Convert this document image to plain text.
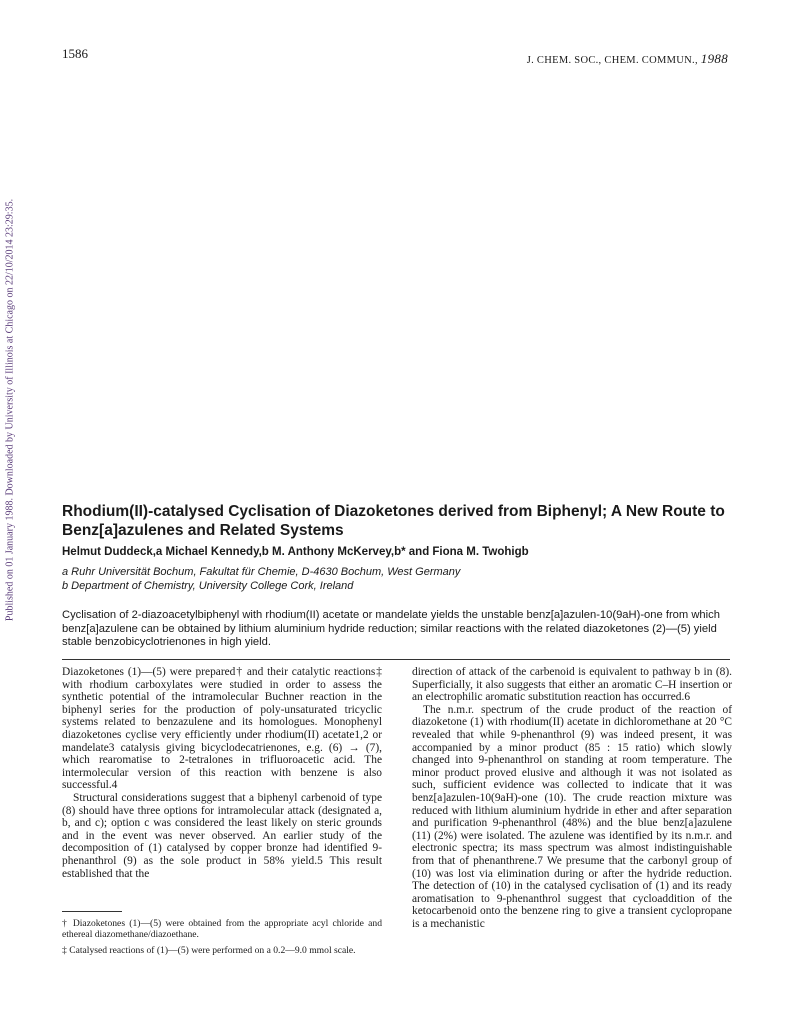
1586	J. CHEM. SOC., CHEM. COMMUN., 1988
Published on 01 January 1988. Downloaded by University of Illinois at Chicago on 22/10/2014 23:29:35.	Rhodium(II)-catalysed Cyclisation of Diazoketones derived from Biphenyl; A New Route to Benz[a]azulenes and Related Systems
Helmut Duddeck,a Michael Kennedy,b M. Anthony McKervey,b* and Fiona M. Twohigb
a Ruhr Universität Bochum, Fakultat für Chemie, D-4630 Bochum, West Germany
b Department of Chemistry, University College Cork, Ireland

Cyclisation of 2-diazoacetylbiphenyl with rhodium(II) acetate or mandelate yields the unstable benz[a]azulen-10(9aH)-one from which benz[a]azulene can be obtained by lithium aluminium hydride reduction; similar reactions with the related diazoketones (2)—(5) yield stable benzobicyclotrienones in high yield.

Diazoketones (1)—(5) were prepared† and their catalytic reactions‡ with rhodium carboxylates were studied in order to assess the synthetic potential of the intramolecular Buchner reaction in the biphenyl series for the production of poly-unsaturated tricyclic systems related to benzazulene and its homologues. Monophenyl diazoketones cyclise very efficiently under rhodium(II) acetate1,2 or mandelate3 catalysis giving bicyclodecatrienones, e.g. (6) → (7), which rearomatise to 2-tetralones in trifluoroacetic acid. The intermolecular version of this reaction with benzene is also successful.4

Structural considerations suggest that a biphenyl carbenoid of type (8) should have three options for intramolecular attack (designated a, b, and c); option c was considered the least likely on steric grounds and in the event was never observed. An earlier study of the decomposition of (1) catalysed by copper bronze had identified 9-phenanthrol (9) as the sole product in 58% yield.5 This result established that the

direction of attack of the carbenoid is equivalent to pathway b in (8). Superficially, it also suggests that either an aromatic C–H insertion or an electrophilic aromatic substitution reaction has occurred.6

The n.m.r. spectrum of the crude product of the reaction of diazoketone (1) with rhodium(II) acetate in dichloromethane at 20 °C revealed that while 9-phenanthrol (9) was indeed present, it was accompanied by a minor product (85 : 15 ratio) which slowly changed into 9-phenanthrol on standing at room temperature. The minor product proved elusive and although it was not isolated as such, sufficient evidence was collected to indicate that it was benz[a]azulen-10(9aH)-one (10). The crude reaction mixture was reduced with lithium aluminium hydride in ether and after separation and purification 9-phenanthrol (48%) and the blue benz[a]azulene (11) (2%) were isolated. The azulene was identified by its n.m.r. and electronic spectra; its mass spectrum was almost indistinguishable from that of phenanthrene.7 We presume that the carbonyl group of (10) was lost via elimination during or after the hydride reduction. The detection of (10) in the catalysed cyclisation of (1) and its ready aromatisation to 9-phenanthrol suggest that cycloaddition of the ketocarbenoid onto the benzene ring to give a transient cyclopropane is a mechanistic

† Diazoketones (1)—(5) were obtained from the appropriate acyl chloride and ethereal diazomethane/diazoethane.

‡ Catalysed reactions of (1)—(5) were performed on a 0.2—9.0 mmol scale.
